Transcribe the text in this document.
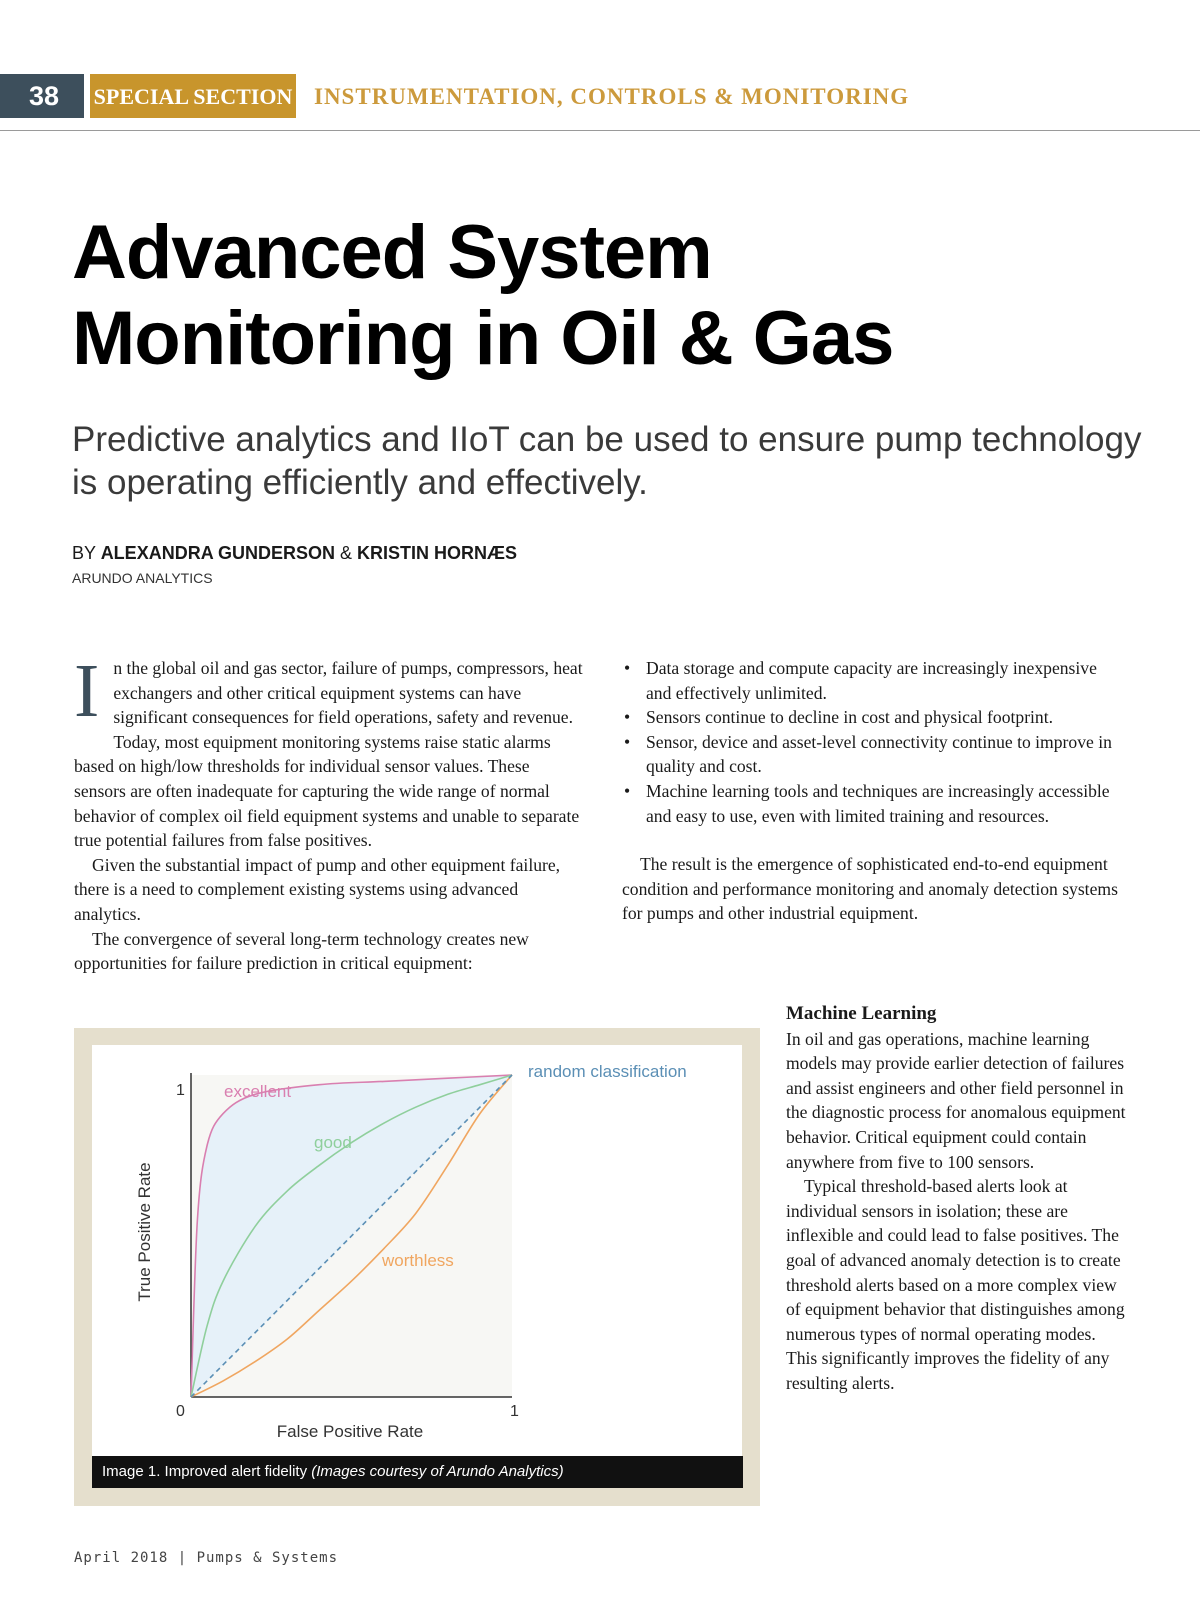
38	SPECIAL SECTION INSTRUMENTATION, CONTROLS & MONITORING
Advanced System
Monitoring in Oil & Gas
Predictive analytics and IIoT can be used to ensure pump technology is operating efficiently and effectively.
BY ALEXANDRA GUNDERSON & KRISTIN HORNÆS
ARUNDO ANALYTICS

In the global oil and gas sector, failure of pumps, compressors, heat exchangers and other critical equipment systems can have significant consequences for field operations, safety and revenue. Today, most equipment monitoring systems raise static alarms based on high/low thresholds for individual sensor values. These sensors are often inadequate for capturing the wide range of normal behavior of complex oil field equipment systems and unable to separate true potential failures from false positives.

Given the substantial impact of pump and other equipment failure, there is a need to complement existing systems using advanced analytics.

The convergence of several long-term technology creates new opportunities for failure prediction in critical equipment:

• Data storage and compute capacity are increasingly inexpensive and effectively unlimited.
• Sensors continue to decline in cost and physical footprint.
• Sensor, device and asset-level connectivity continue to improve in quality and cost.
• Machine learning tools and techniques are increasingly accessible and easy to use, even with limited training and resources.

The result is the emergence of sophisticated end-to-end equipment condition and performance monitoring and anomaly detection systems for pumps and other industrial equipment.

Machine Learning

In oil and gas operations, machine learning models may provide earlier detection of failures and assist engineers and other field personnel in the diagnostic process for anomalous equipment behavior. Critical equipment could contain anywhere from five to 100 sensors.

Typical threshold-based alerts look at individual sensors in isolation; these are inflexible and could lead to false positives. The goal of advanced anomaly detection is to create threshold alerts based on a more complex view of equipment behavior that distinguishes among numerous types of normal operating modes. This significantly improves the fidelity of any resulting alerts.

True Positive Rate
False Positive Rate
1
0	1
excellent
good
worthless
random classification
Image 1. Improved alert fidelity (Images courtesy of Arundo Analytics)
April 2018 | Pumps & Systems
